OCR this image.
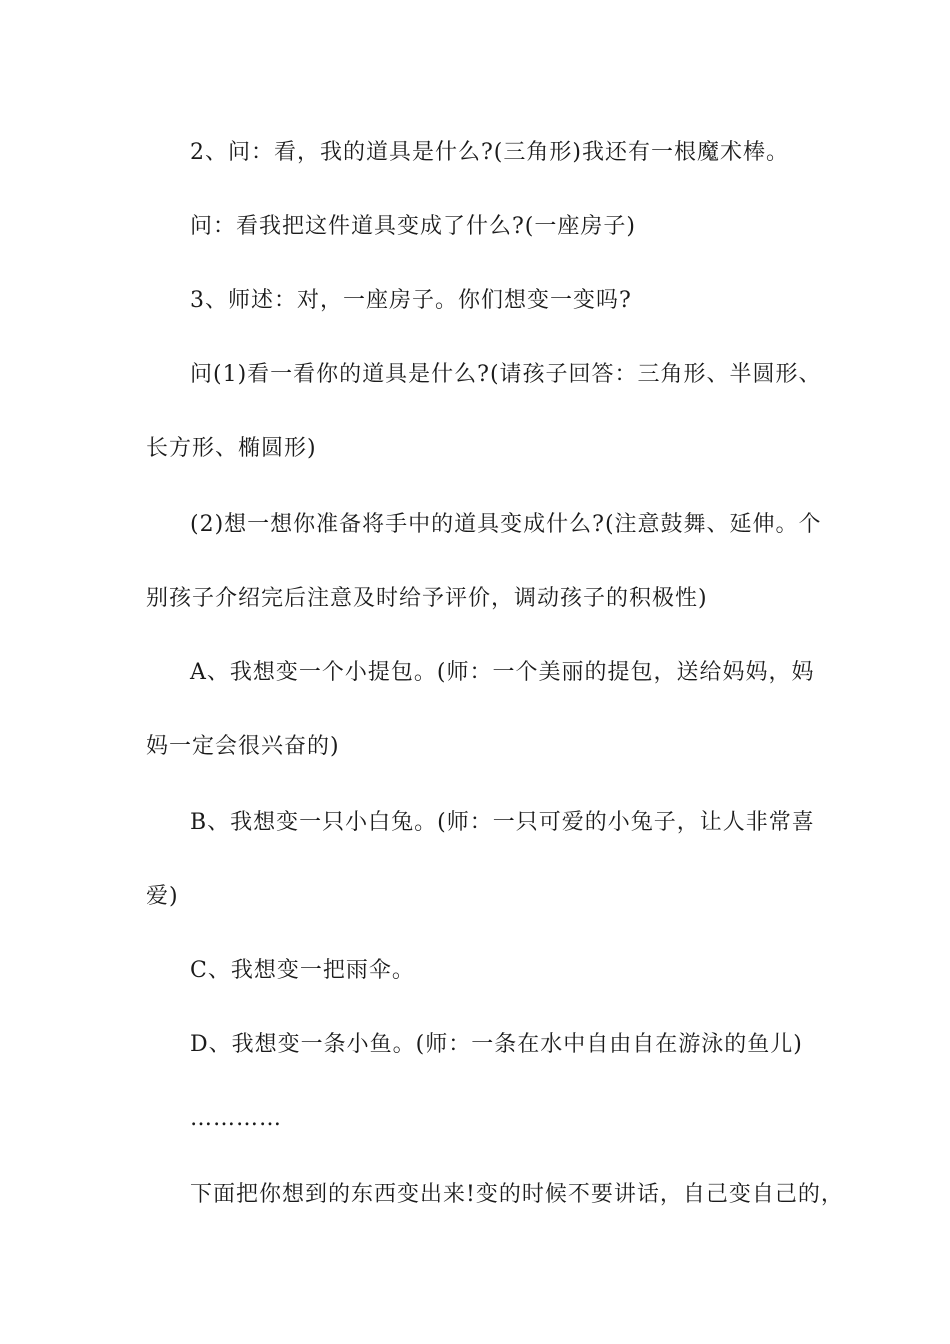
2、问：看，我的道具是什么?(三角形)我还有一根魔术棒。
问：看我把这件道具变成了什么?(一座房子)
3、师述：对，一座房子。你们想变一变吗?
问(1)看一看你的道具是什么?(请孩子回答：三角形、半圆形、
长方形、椭圆形)
(2)想一想你准备将手中的道具变成什么?(注意鼓舞、延伸。个
别孩子介绍完后注意及时给予评价，调动孩子的积极性)
A、我想变一个小提包。(师：一个美丽的提包，送给妈妈，妈
妈一定会很兴奋的)
B、我想变一只小白兔。(师：一只可爱的小兔子，让人非常喜
爱)
C、我想变一把雨伞。
D、我想变一条小鱼。(师：一条在水中自由自在游泳的鱼儿)
…………
下面把你想到的东西变出来!变的时候不要讲话，自己变自己的，
